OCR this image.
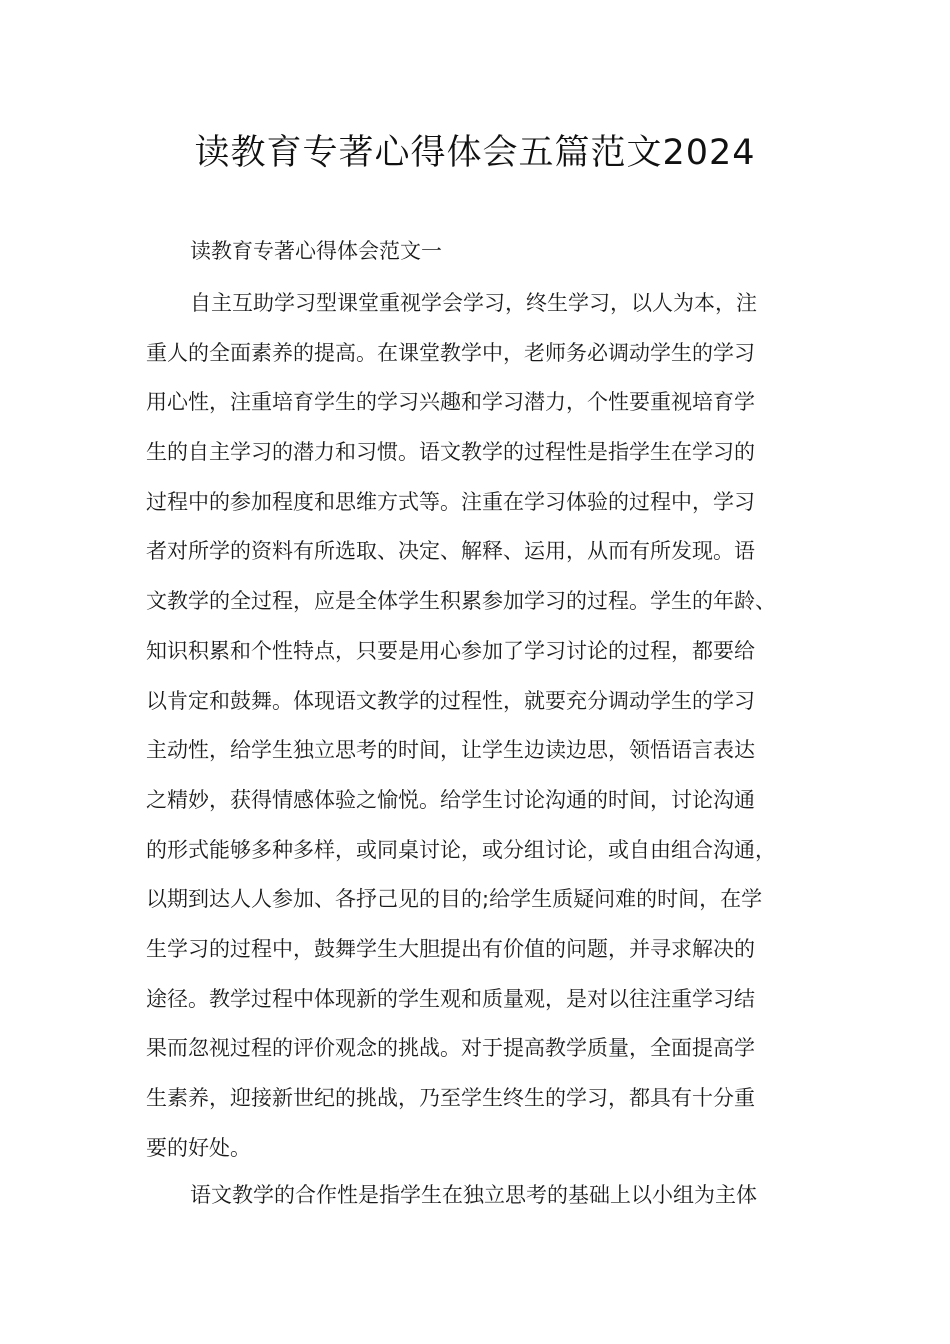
读教育专著心得体会五篇范文2024

读教育专著心得体会范文一

自主互助学习型课堂重视学会学习，终生学习，以人为本，注
重人的全面素养的提高。在课堂教学中，老师务必调动学生的学习
用心性，注重培育学生的学习兴趣和学习潜力，个性要重视培育学
生的自主学习的潜力和习惯。语文教学的过程性是指学生在学习的
过程中的参加程度和思维方式等。注重在学习体验的过程中，学习
者对所学的资料有所选取、决定、解释、运用，从而有所发现。语
文教学的全过程，应是全体学生积累参加学习的过程。学生的年龄、
知识积累和个性特点，只要是用心参加了学习讨论的过程，都要给
以肯定和鼓舞。体现语文教学的过程性，就要充分调动学生的学习
主动性，给学生独立思考的时间，让学生边读边思，领悟语言表达
之精妙，获得情感体验之愉悦。给学生讨论沟通的时间，讨论沟通
的形式能够多种多样，或同桌讨论，或分组讨论，或自由组合沟通，
以期到达人人参加、各抒己见的目的;给学生质疑问难的时间，在学
生学习的过程中，鼓舞学生大胆提出有价值的问题，并寻求解决的
途径。教学过程中体现新的学生观和质量观，是对以往注重学习结
果而忽视过程的评价观念的挑战。对于提高教学质量，全面提高学
生素养，迎接新世纪的挑战，乃至学生终生的学习，都具有十分重
要的好处。
语文教学的合作性是指学生在独立思考的基础上以小组为主体
